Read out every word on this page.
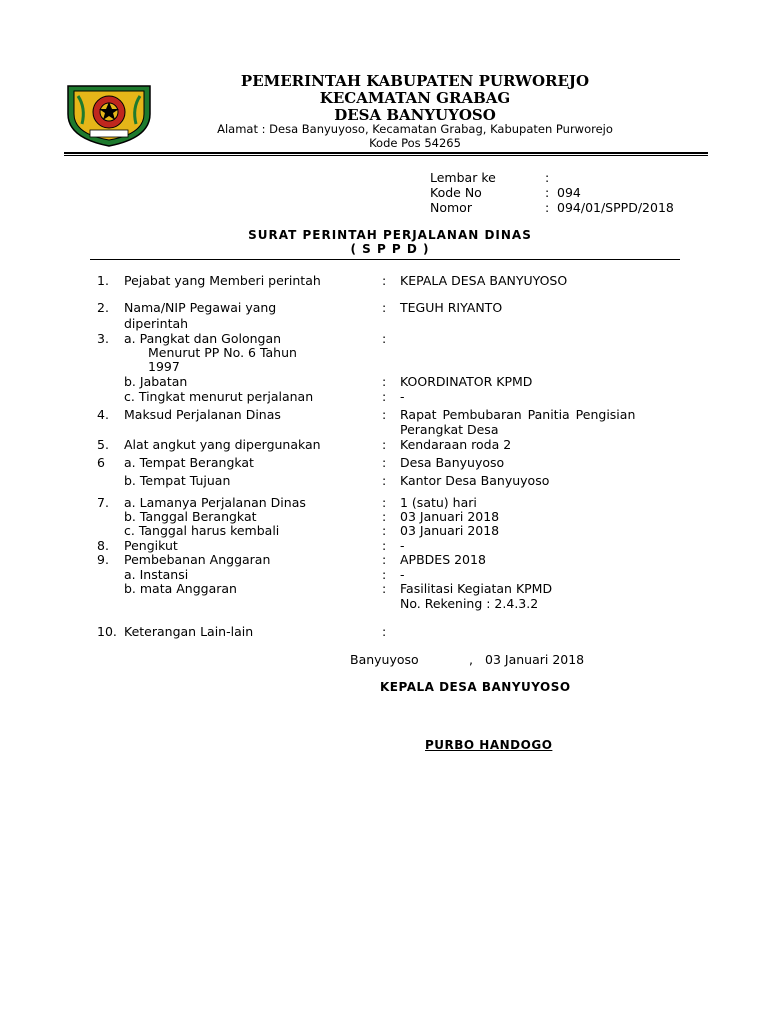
PEMERINTAH KABUPATEN PURWOREJO
KECAMATAN GRABAG
DESA BANYUYOSO
Alamat : Desa Banyuyoso, Kecamatan Grabag, Kabupaten Purworejo
Kode Pos 54265
Lembar ke	:
Kode No	: 094
Nomor	: 094/01/SPPD/2018
SURAT PERINTAH PERJALANAN DINAS
( S P P D )
1. Pejabat yang Memberi perintah	: KEPALA DESA BANYUYOSO
2. Nama/NIP Pegawai yang
diperintah
: TEGUH RIYANTO
3. a. Pangkat dan Golongan
Menurut PP No. 6 Tahun
1997
:
b. Jabatan	: KOORDINATOR KPMD
c. Tingkat menurut perjalanan	: -
4. Maksud Perjalanan Dinas	: Rapat Pembubaran Panitia Pengisian
Perangkat Desa
5. Alat angkut yang dipergunakan	: Kendaraan roda 2
6 a. Tempat Berangkat	: Desa Banyuyoso
b. Tempat Tujuan	: Kantor Desa Banyuyoso
7. a. Lamanya Perjalanan Dinas	: 1 (satu) hari
b. Tanggal Berangkat	: 03 Januari 2018
c. Tanggal harus kembali	: 03 Januari 2018
8. Pengikut	: -
9. Pembebanan Anggaran	: APBDES 2018
a. Instansi	: -
b. mata Anggaran	: Fasilitasi Kegiatan KPMD
No. Rekening : 2.4.3.2
10. Keterangan Lain-lain	:
Banyuyoso	, 03 Januari 2018
KEPALA DESA BANYUYOSO
PURBO HANDOGO
